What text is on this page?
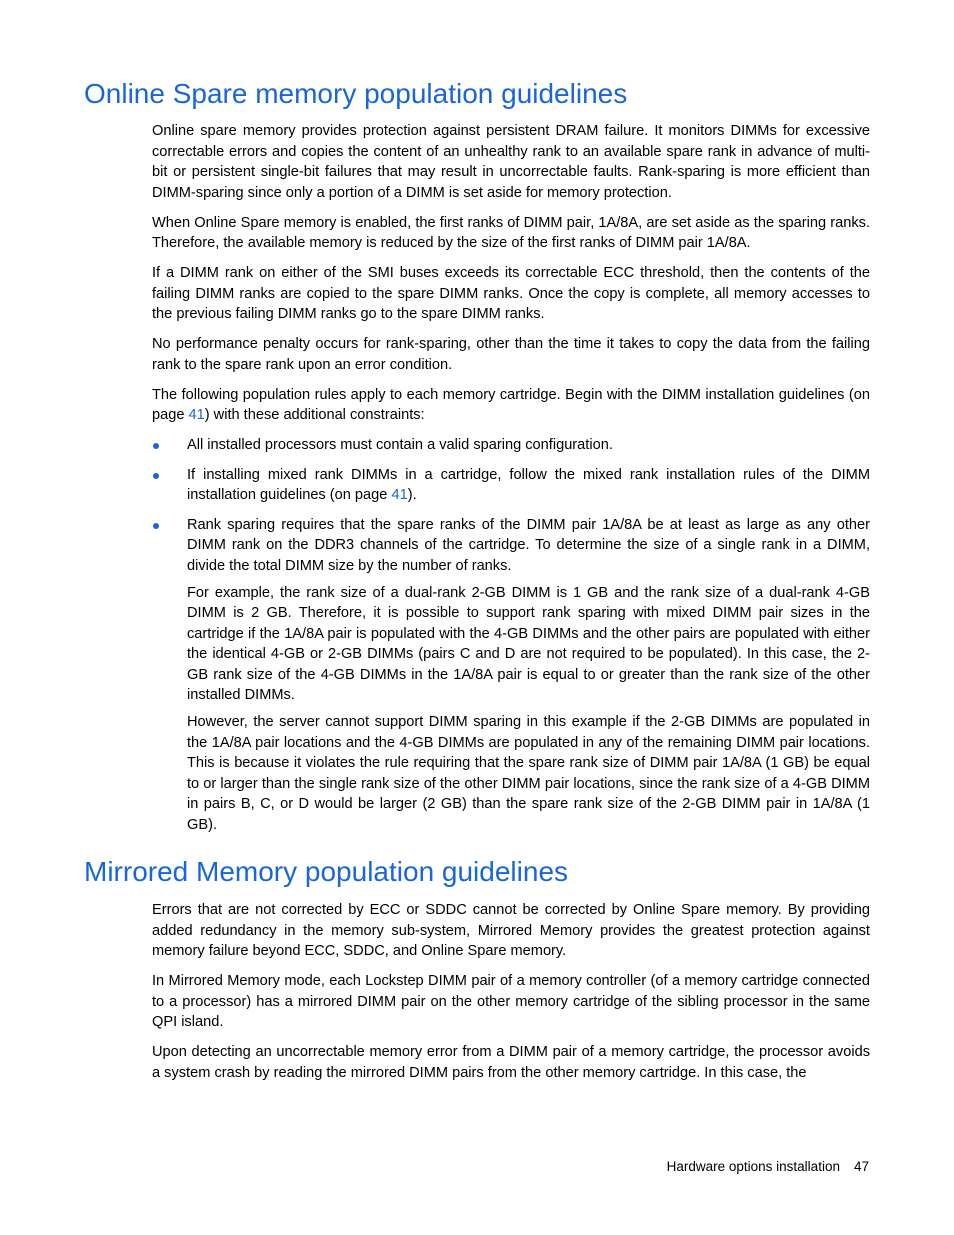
Online Spare memory population guidelines

Online spare memory provides protection against persistent DRAM failure. It monitors DIMMs for excessive correctable errors and copies the content of an unhealthy rank to an available spare rank in advance of multi-bit or persistent single-bit failures that may result in uncorrectable faults. Rank-sparing is more efficient than DIMM-sparing since only a portion of a DIMM is set aside for memory protection.

When Online Spare memory is enabled, the first ranks of DIMM pair, 1A/8A, are set aside as the sparing ranks. Therefore, the available memory is reduced by the size of the first ranks of DIMM pair 1A/8A.

If a DIMM rank on either of the SMI buses exceeds its correctable ECC threshold, then the contents of the failing DIMM ranks are copied to the spare DIMM ranks. Once the copy is complete, all memory accesses to the previous failing DIMM ranks go to the spare DIMM ranks.

No performance penalty occurs for rank-sparing, other than the time it takes to copy the data from the failing rank to the spare rank upon an error condition.

The following population rules apply to each memory cartridge. Begin with the DIMM installation guidelines (on page 41) with these additional constraints:

All installed processors must contain a valid sparing configuration.

If installing mixed rank DIMMs in a cartridge, follow the mixed rank installation rules of the DIMM installation guidelines (on page 41).

Rank sparing requires that the spare ranks of the DIMM pair 1A/8A be at least as large as any other DIMM rank on the DDR3 channels of the cartridge. To determine the size of a single rank in a DIMM, divide the total DIMM size by the number of ranks.

For example, the rank size of a dual-rank 2-GB DIMM is 1 GB and the rank size of a dual-rank 4-GB DIMM is 2 GB. Therefore, it is possible to support rank sparing with mixed DIMM pair sizes in the cartridge if the 1A/8A pair is populated with the 4-GB DIMMs and the other pairs are populated with either the identical 4-GB or 2-GB DIMMs (pairs C and D are not required to be populated). In this case, the 2-GB rank size of the 4-GB DIMMs in the 1A/8A pair is equal to or greater than the rank size of the other installed DIMMs.

However, the server cannot support DIMM sparing in this example if the 2-GB DIMMs are populated in the 1A/8A pair locations and the 4-GB DIMMs are populated in any of the remaining DIMM pair locations. This is because it violates the rule requiring that the spare rank size of DIMM pair 1A/8A (1 GB) be equal to or larger than the single rank size of the other DIMM pair locations, since the rank size of a 4-GB DIMM in pairs B, C, or D would be larger (2 GB) than the spare rank size of the 2-GB DIMM pair in 1A/8A (1 GB).

Mirrored Memory population guidelines

Errors that are not corrected by ECC or SDDC cannot be corrected by Online Spare memory. By providing added redundancy in the memory sub-system, Mirrored Memory provides the greatest protection against memory failure beyond ECC, SDDC, and Online Spare memory.

In Mirrored Memory mode, each Lockstep DIMM pair of a memory controller (of a memory cartridge connected to a processor) has a mirrored DIMM pair on the other memory cartridge of the sibling processor in the same QPI island.

Upon detecting an uncorrectable memory error from a DIMM pair of a memory cartridge, the processor avoids a system crash by reading the mirrored DIMM pairs from the other memory cartridge. In this case, the

Hardware options installation 47
